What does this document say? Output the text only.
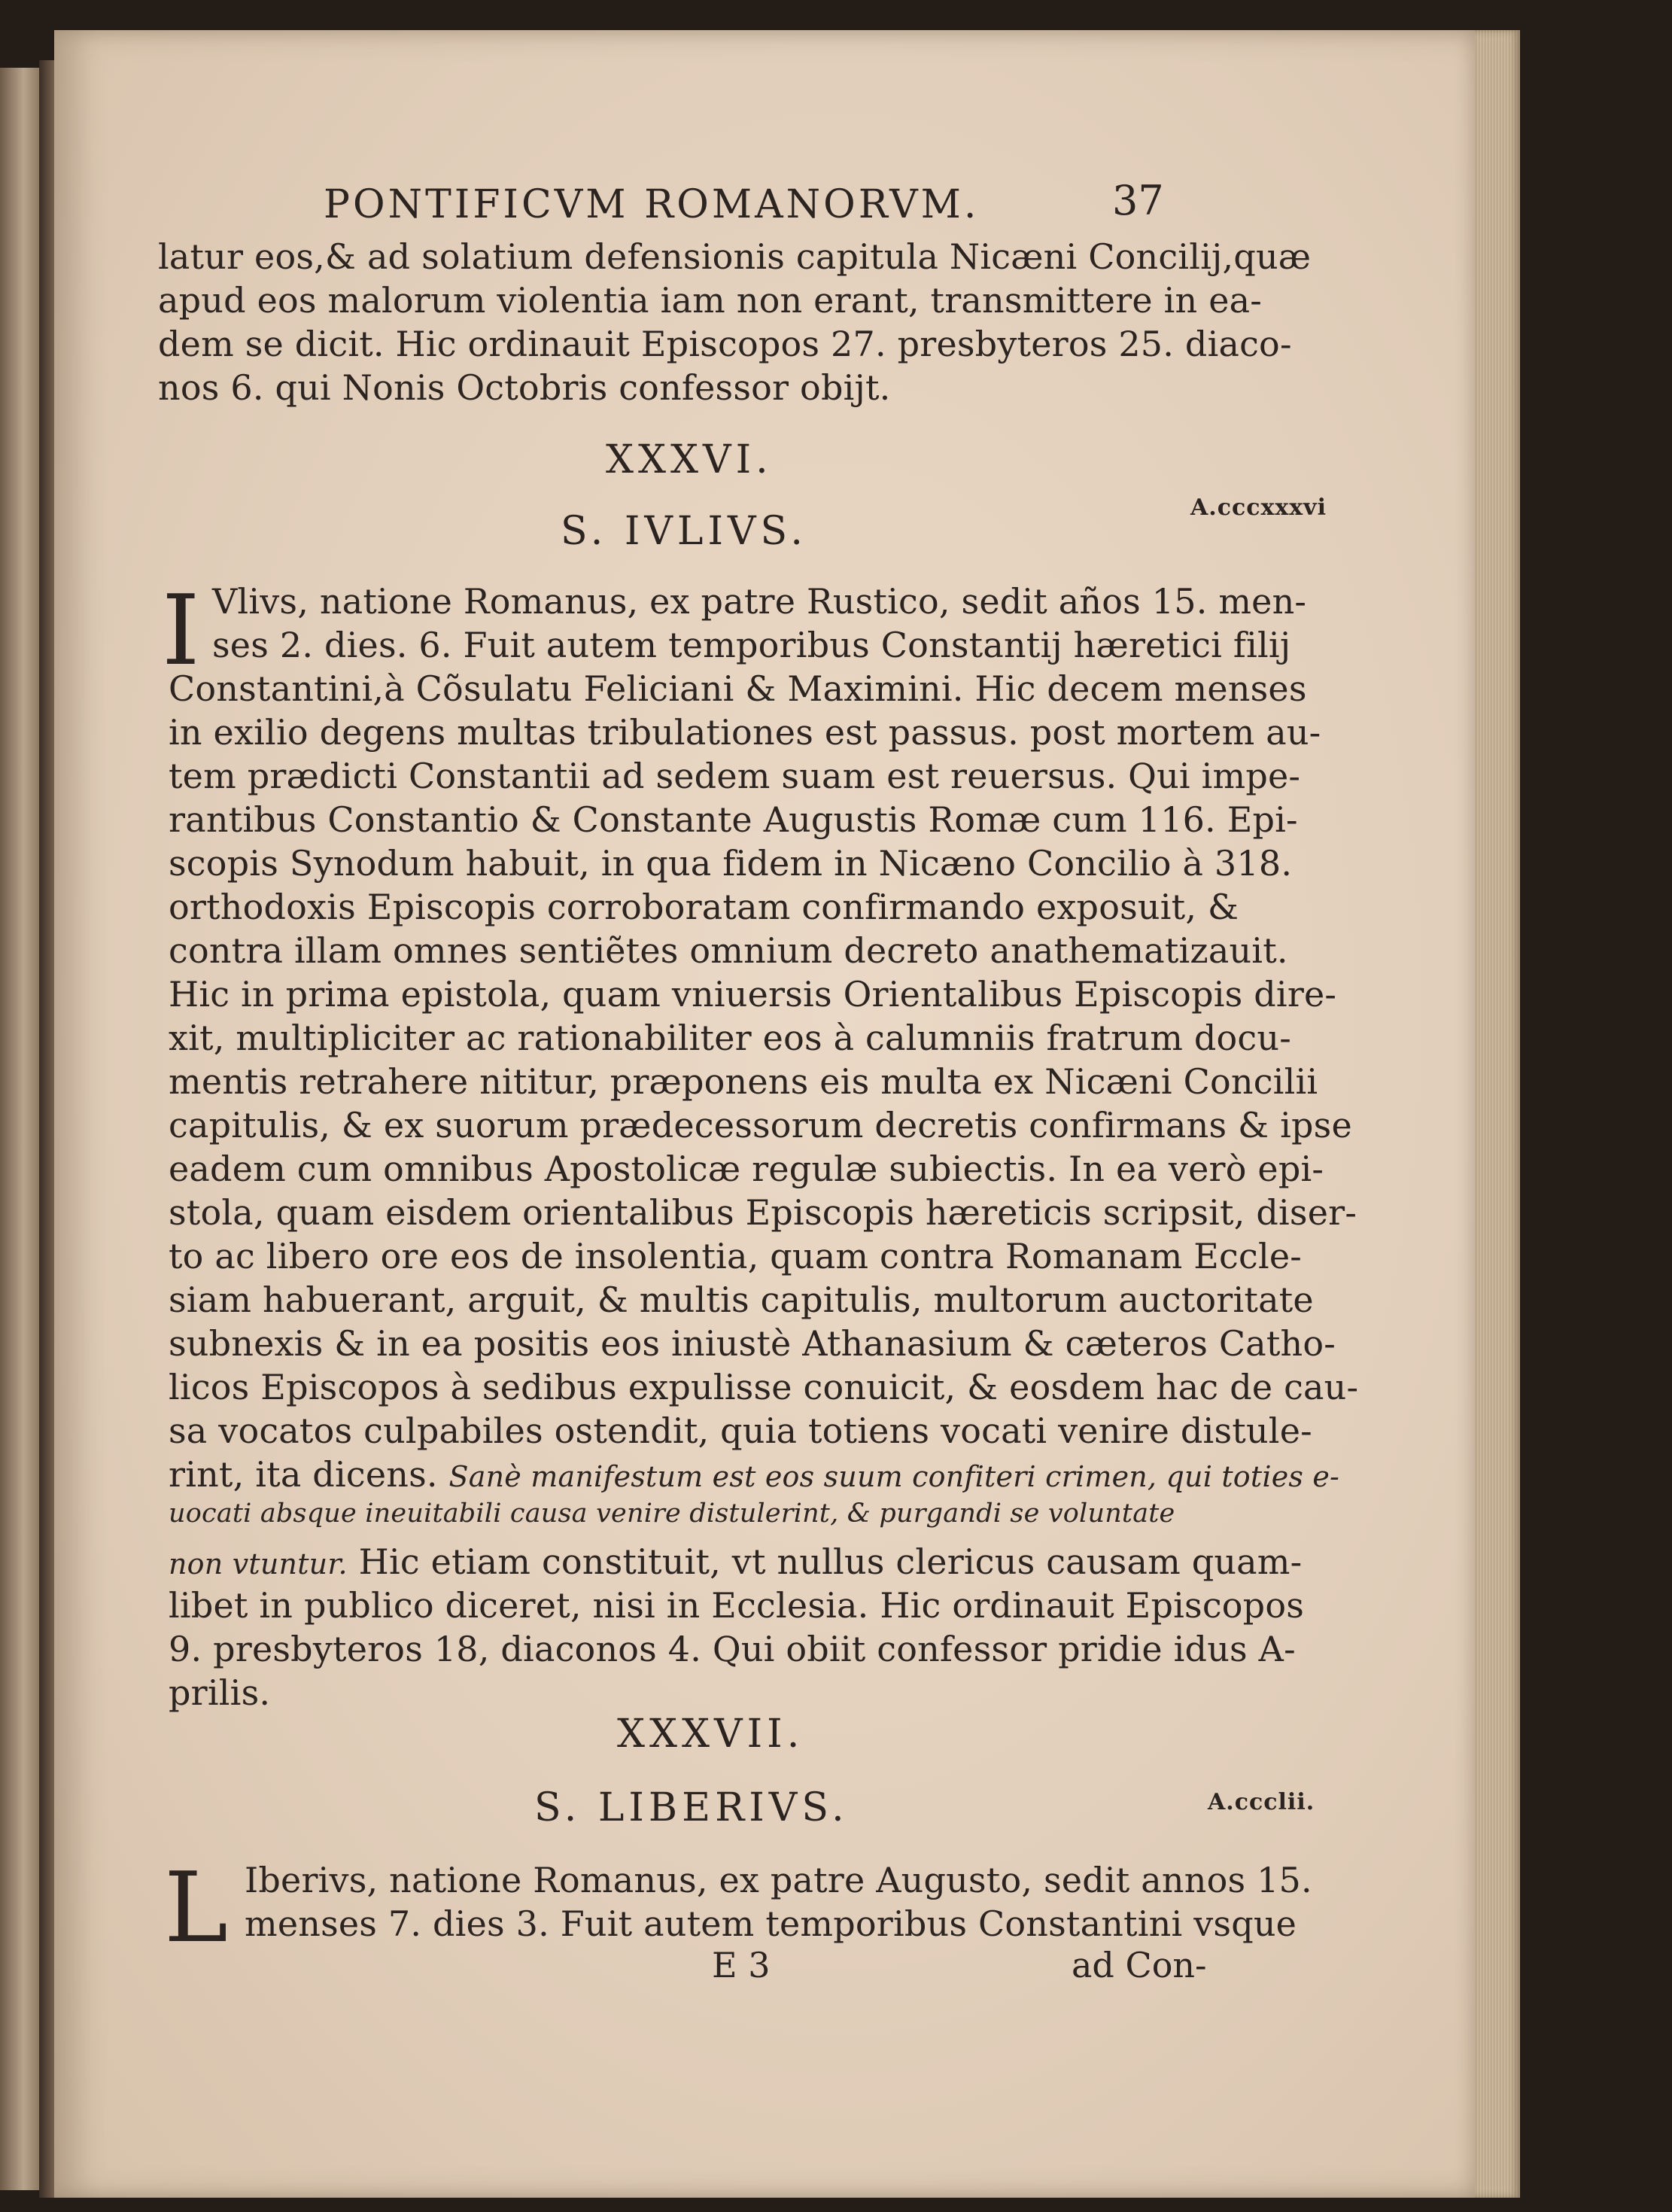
PONTIFICVM ROMANORVM.	37
latur eos,& ad solatium defensionis capitula Nicæni Concilij,quæ
apud eos malorum violentia iam non erant, transmittere in ea-
dem se dicit. Hic ordinauit Episcopos 27. presbyteros 25. diaco-
nos 6. qui Nonis Octobris confessor obijt.
XXXVI.
S. IVLIVS.
A.cccxxxvi
I Vlivs, natione Romanus, ex patre Rustico, sedit años 15. men-
ses 2. dies. 6. Fuit autem temporibus Constantij hæretici filij
Constantini,à Cõsulatu Feliciani & Maximini. Hic decem menses
in exilio degens multas tribulationes est passus. post mortem au-
tem prædicti Constantii ad sedem suam est reuersus. Qui impe-
rantibus Constantio & Constante Augustis Romæ cum 116. Epi-
scopis Synodum habuit, in qua fidem in Nicæno Concilio à 318.
orthodoxis Episcopis corroboratam confirmando exposuit, &
contra illam omnes sentiẽtes omnium decreto anathematizauit.
Hic in prima epistola, quam vniuersis Orientalibus Episcopis dire-
xit, multipliciter ac rationabiliter eos à calumniis fratrum docu-
mentis retrahere nititur, præponens eis multa ex Nicæni Concilii
capitulis, & ex suorum prædecessorum decretis confirmans & ipse
eadem cum omnibus Apostolicæ regulæ subiectis. In ea verò epi-
stola, quam eisdem orientalibus Episcopis hæreticis scripsit, diser-
to ac libero ore eos de insolentia, quam contra Romanam Eccle-
siam habuerant, arguit, & multis capitulis, multorum auctoritate
subnexis & in ea positis eos iniustè Athanasium & cæteros Catho-
licos Episcopos à sedibus expulisse conuicit, & eosdem hac de cau-
sa vocatos culpabiles ostendit, quia totiens vocati venire distule-
rint, ita dicens. Sanè manifestum est eos suum confiteri crimen, qui toties e-
uocati absque ineuitabili causa venire distulerint, & purgandi se voluntate
non vtuntur. Hic etiam constituit, vt nullus clericus causam quam-
libet in publico diceret, nisi in Ecclesia. Hic ordinauit Episcopos
9. presbyteros 18, diaconos 4. Qui obiit confessor pridie idus A-
prilis.
XXXVII.
S. LIBERIVS.	A.ccclii.
L Iberivs, natione Romanus, ex patre Augusto, sedit annos 15.
menses 7. dies 3. Fuit autem temporibus Constantini vsque
E 3	ad Con-
